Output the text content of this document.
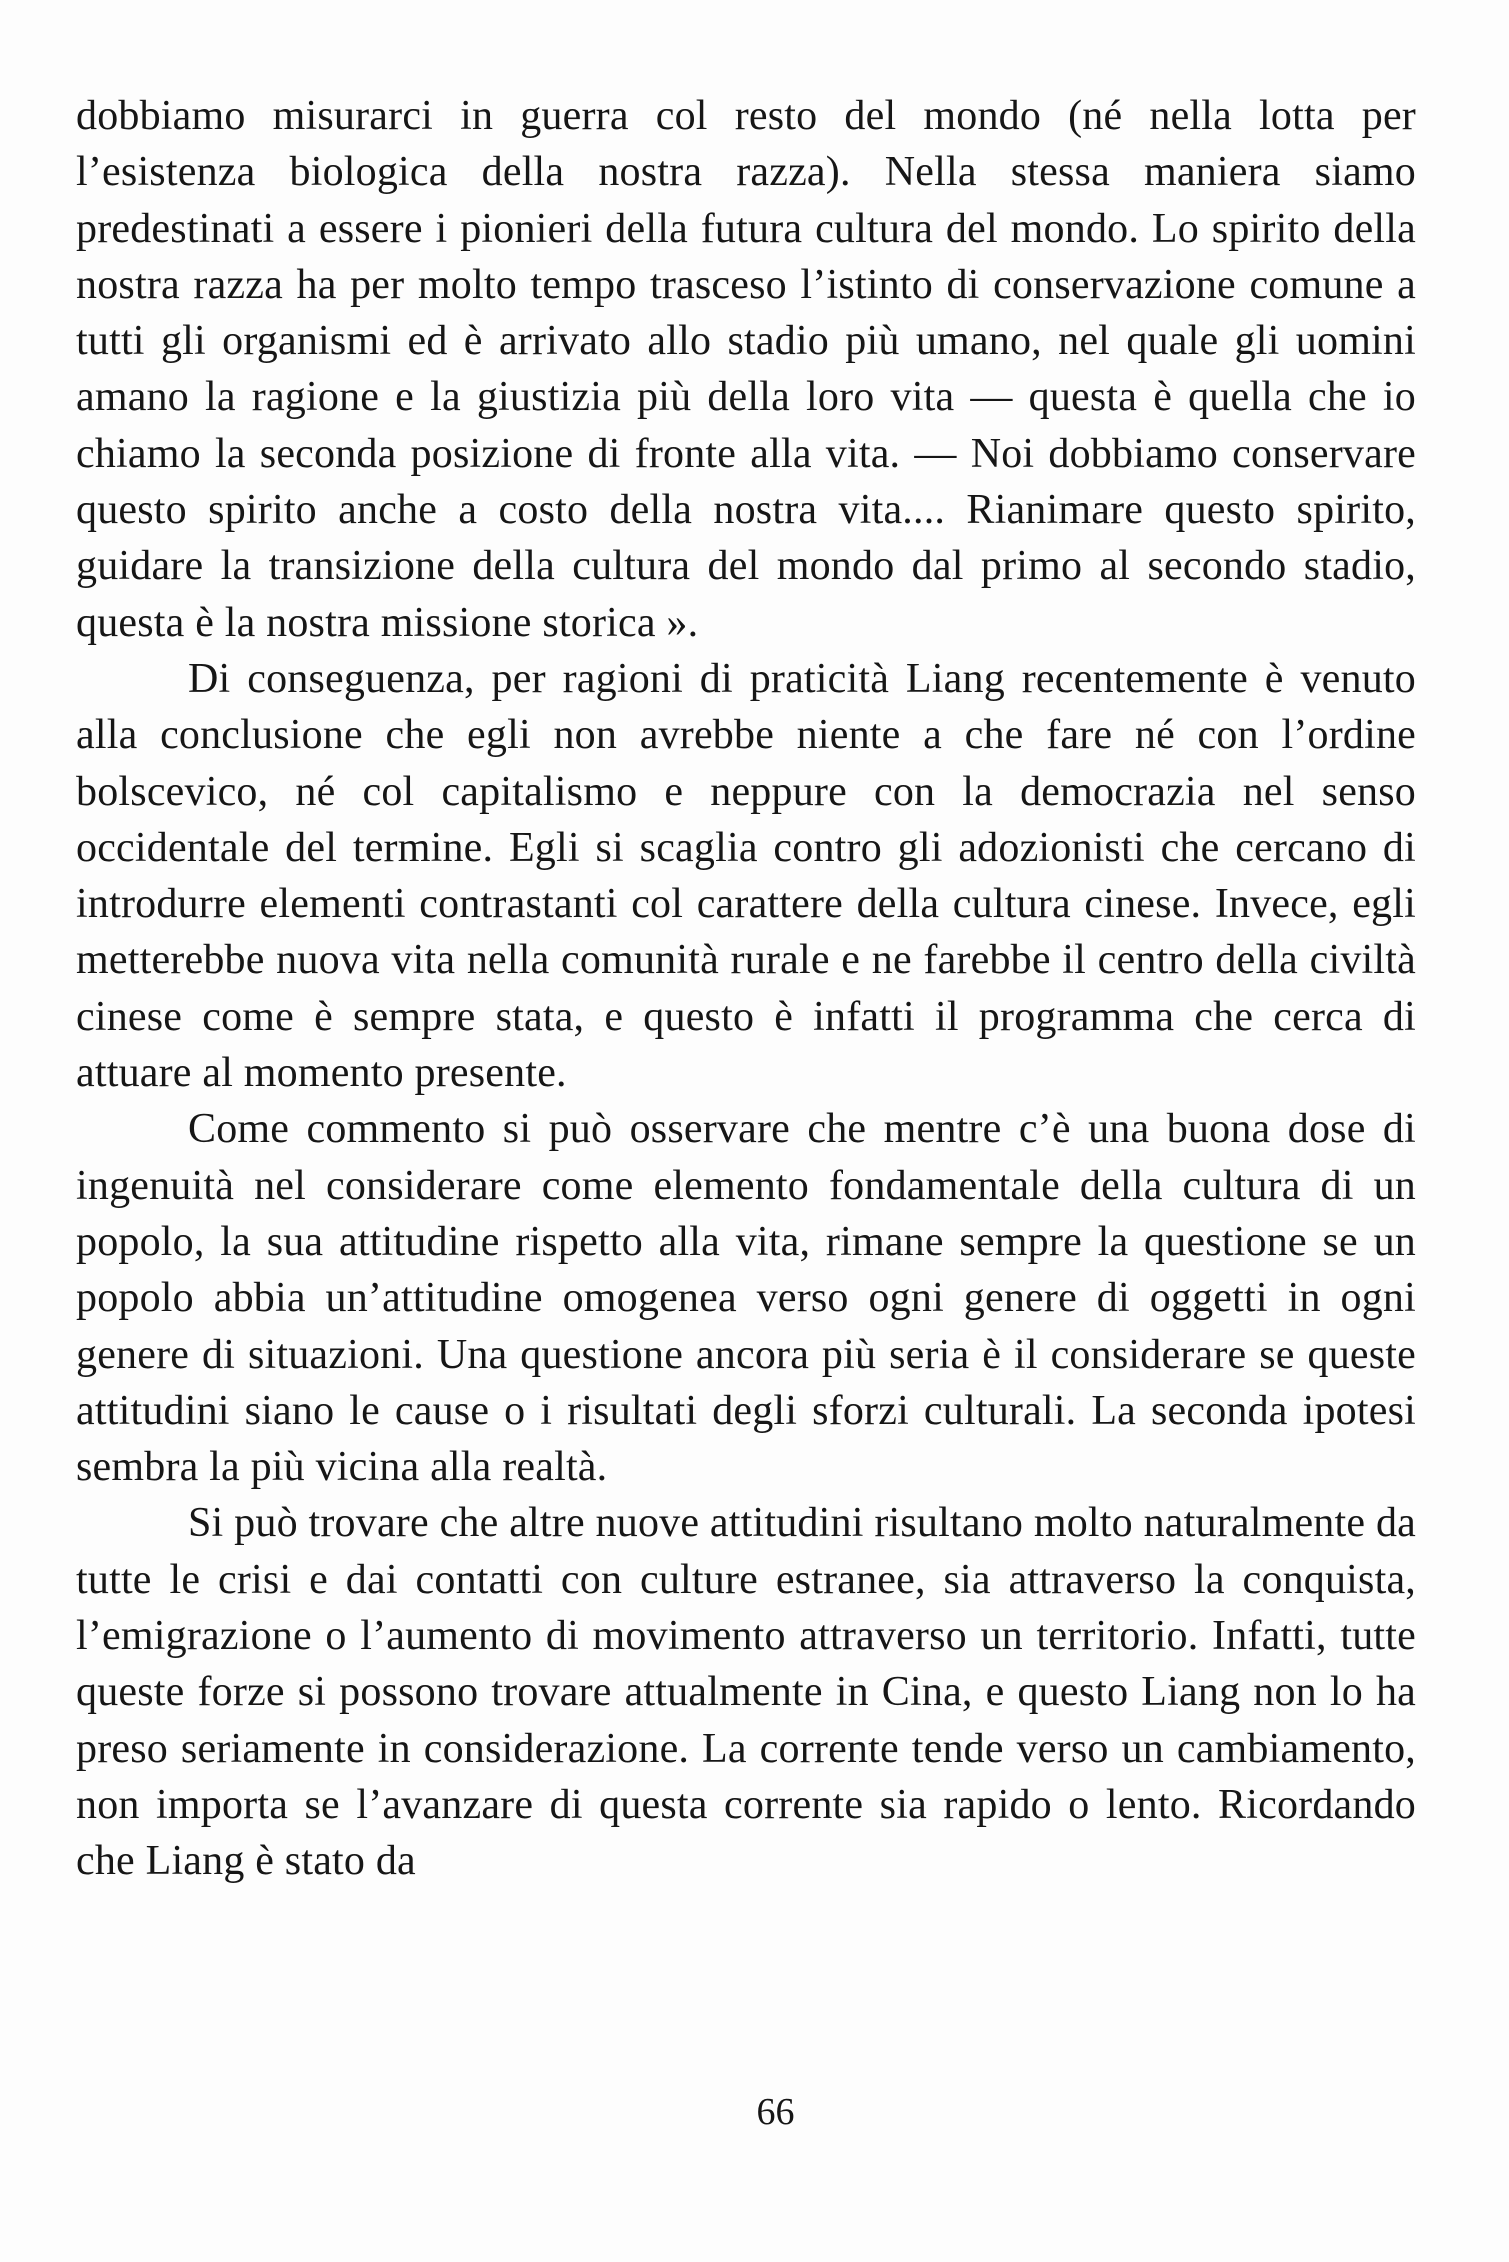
dobbiamo misurarci in guerra col resto del mondo (né nella lotta per l’esistenza biologica della nostra razza). Nella stessa maniera siamo predestinati a essere i pionieri della futura cultura del mondo. Lo spirito della nostra razza ha per molto tempo trasceso l’istinto di conservazione comune a tutti gli organismi ed è arrivato allo stadio più umano, nel quale gli uomini amano la ragione e la giustizia più della loro vita — questa è quella che io chiamo la seconda posizione di fronte alla vita. — Noi dobbiamo conservare questo spirito anche a costo della nostra vita.... Rianimare questo spirito, guidare la transizione della cultura del mondo dal primo al secondo stadio, questa è la nostra missione storica ».

Di conseguenza, per ragioni di praticità Liang recentemente è venuto alla conclusione che egli non avrebbe niente a che fare né con l’ordine bolscevico, né col capitalismo e neppure con la democrazia nel senso occidentale del termine. Egli si scaglia contro gli adozionisti che cercano di introdurre elementi contrastanti col carattere della cultura cinese. Invece, egli metterebbe nuova vita nella comunità rurale e ne farebbe il centro della civiltà cinese come è sempre stata, e questo è infatti il programma che cerca di attuare al momento presente.

Come commento si può osservare che mentre c’è una buona dose di ingenuità nel considerare come elemento fondamentale della cultura di un popolo, la sua attitudine rispetto alla vita, rimane sempre la questione se un popolo abbia un’attitudine omogenea verso ogni genere di oggetti in ogni genere di situazioni. Una questione ancora più seria è il considerare se queste attitudini siano le cause o i risultati degli sforzi culturali. La seconda ipotesi sembra la più vicina alla realtà.

Si può trovare che altre nuove attitudini risultano molto naturalmente da tutte le crisi e dai contatti con culture estranee, sia attraverso la conquista, l’emigrazione o l’aumento di movimento attraverso un territorio. Infatti, tutte queste forze si possono trovare attualmente in Cina, e questo Liang non lo ha preso seriamente in considerazione. La corrente tende verso un cambiamento, non importa se l’avanzare di questa corrente sia rapido o lento. Ricordando che Liang è stato da

66
